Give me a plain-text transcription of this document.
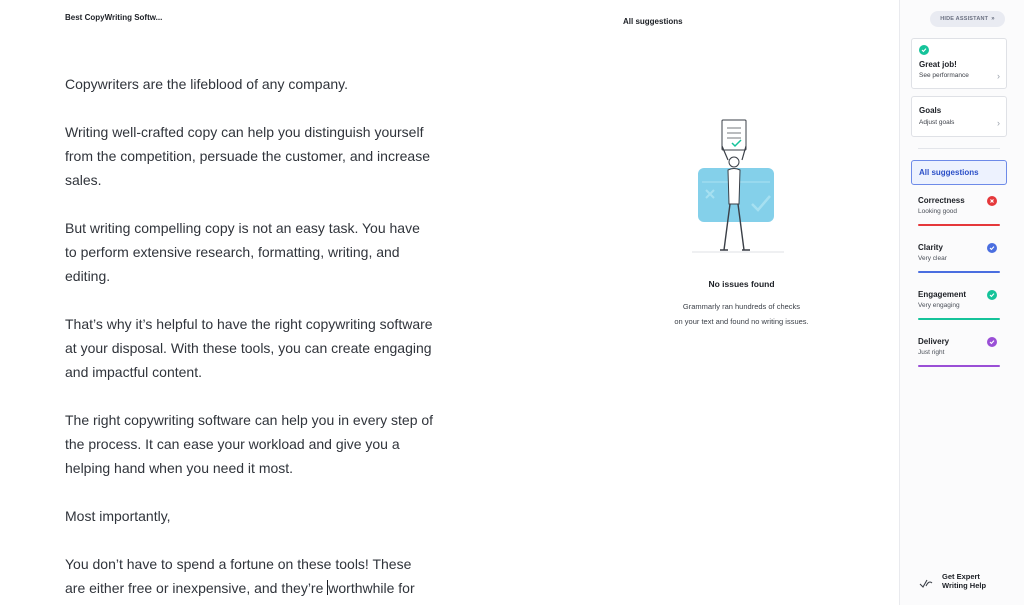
Best CopyWriting Softw...

Copywriters are the lifeblood of any company.

Writing well-crafted copy can help you distinguish yourself from the competition, persuade the customer, and increase sales.

But writing compelling copy is not an easy task. You have to perform extensive research, formatting, writing, and editing.

That’s why it’s helpful to have the right copywriting software at your disposal. With these tools, you can create engaging and impactful content.

The right copywriting software can help you in every step of the process. It can ease your workload and give you a helping hand when you need it most.

Most importantly,

You don’t have to spend a fortune on these tools! These are either free or inexpensive, and they’re worthwhile for

All suggestions
No issues found
Grammarly ran hundreds of checks
on your text and found no writing issues.
HIDE ASSISTANT »
Great job!
See performance	›
Goals
Adjust goals	›
All suggestions
Correctness
Looking good
Clarity
Very clear
Engagement
Very engaging
Delivery
Just right
Get Expert
Writing Help
